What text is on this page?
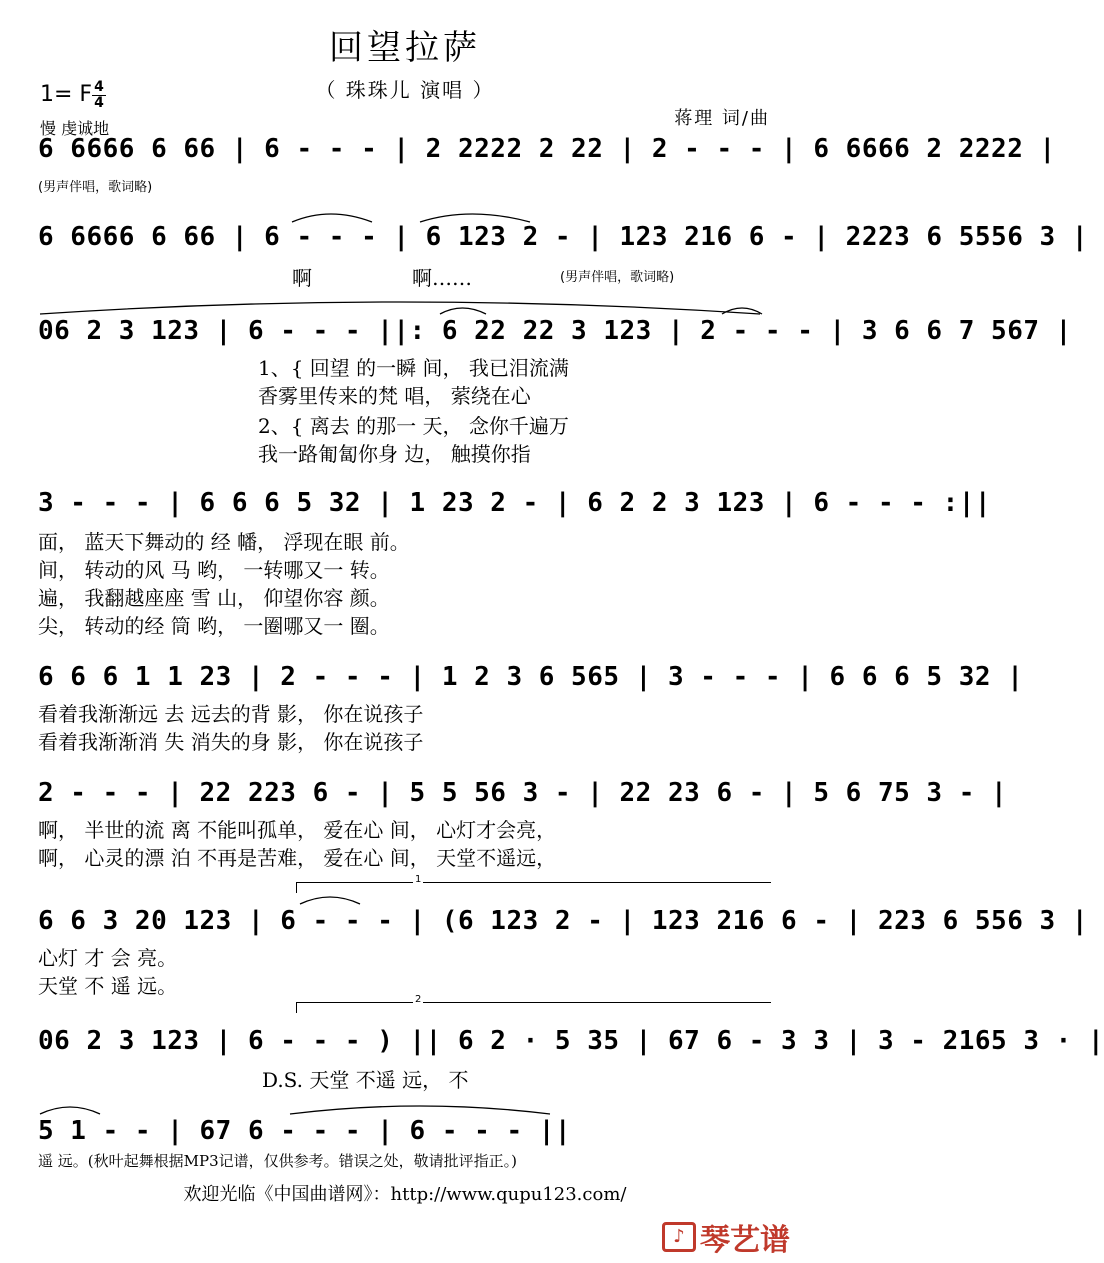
回望拉萨
（ 珠珠儿 演唱 ）
1= F 4
4
慢 虔诚地	蒋理 词/曲
6 6666 6 66 | 6 - - - | 2 2222 2 22 | 2 - - - | 6 6666 2 2222 |
(男声伴唱，歌词略)
6 6666 6 66 | 6 - - - | 6 123 2 - | 123 216 6 - | 2223 6 5556 3 |
啊	啊……	(男声伴唱，歌词略)
06 2 3 123 | 6 - - - ||: 6 22 22 3 123 | 2 - - - | 3 6 6 7 567 |
1、{ 回望 的一瞬 间， 我已泪流满
香雾里传来的梵 唱， 萦绕在心
2、{ 离去 的那一 天， 念你千遍万
我一路匍匐你身 边， 触摸你指
3 - - - | 6 6 6 5 32 | 1 23 2 - | 6 2 2 3 123 | 6 - - - :||
面， 蓝天下舞动的 经 幡， 浮现在眼 前。
间， 转动的风 马 哟， 一转哪又一 转。
遍， 我翻越座座 雪 山， 仰望你容 颜。
尖， 转动的经 筒 哟， 一圈哪又一 圈。
6 6 6 1 1 23 | 2 - - - | 1 2 3 6 565 | 3 - - - | 6 6 6 5 32 |
看着我渐渐远 去 远去的背 影， 你在说孩子
看着我渐渐消 失 消失的身 影， 你在说孩子
2 - - - | 22 223 6 - | 5 5 56 3 - | 22 23 6 - | 5 6 75 3 - |
啊， 半世的流 离 不能叫孤单， 爱在心 间， 心灯才会亮，
啊， 心灵的漂 泊 不再是苦难， 爱在心 间， 天堂不遥远，
1
6 6 3 20 123 | 6 - - - | (6 123 2 - | 123 216 6 - | 223 6 556 3 |
心灯 才 会 亮。
天堂 不 遥 远。
2
06 2 3 123 | 6 - - - ) || 6 2 · 5 35 | 67 6 - 3 3 | 3 - 2165 3 · |
D.S. 天堂 不遥 远， 不
5 1 - - | 67 6 - - - | 6 - - - ||
遥 远。(秋叶起舞根据MP3记谱，仅供参考。错误之处，敬请批评指正。)
欢迎光临《中国曲谱网》：http://www.qupu123.com/
♪ 琴艺谱
